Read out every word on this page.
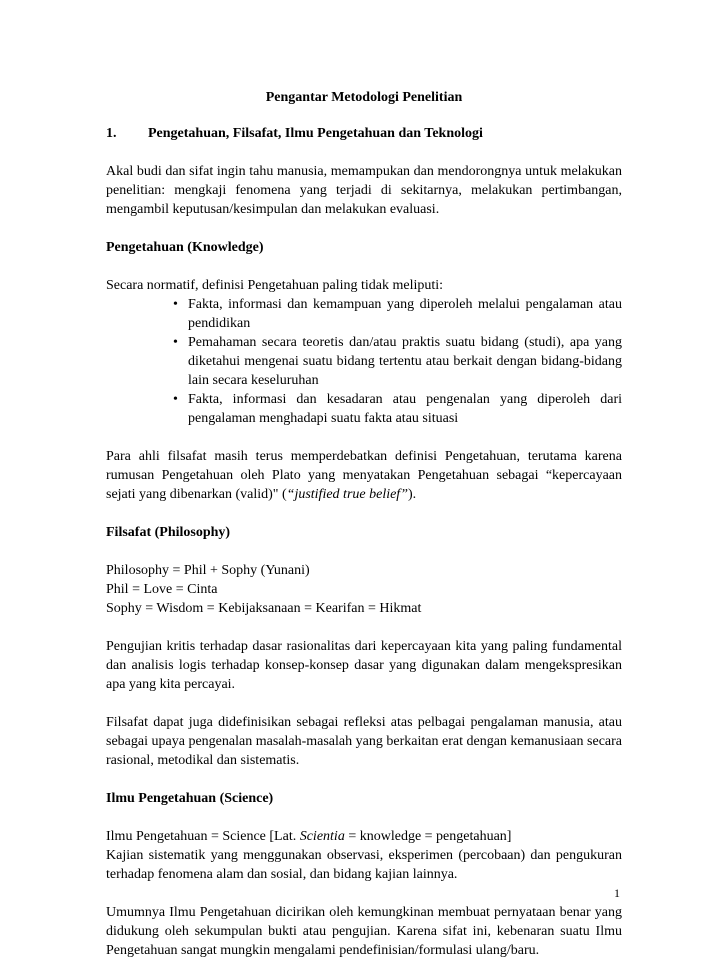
Pengantar Metodologi Penelitian
1.	Pengetahuan, Filsafat, Ilmu Pengetahuan dan Teknologi

Akal budi dan sifat ingin tahu manusia, memampukan dan mendorongnya untuk melakukan penelitian: mengkaji fenomena yang terjadi di sekitarnya, melakukan pertimbangan, mengambil keputusan/kesimpulan dan melakukan evaluasi.

Pengetahuan (Knowledge)

Secara normatif, definisi Pengetahuan paling tidak meliputi:

• Fakta, informasi dan kemampuan yang diperoleh melalui pengalaman atau pendidikan
• Pemahaman secara teoretis dan/atau praktis suatu bidang (studi), apa yang diketahui mengenai suatu bidang tertentu atau berkait dengan bidang-bidang lain secara keseluruhan
• Fakta, informasi dan kesadaran atau pengenalan yang diperoleh dari pengalaman menghadapi suatu fakta atau situasi

Para ahli filsafat masih terus memperdebatkan definisi Pengetahuan, terutama karena rumusan Pengetahuan oleh Plato yang menyatakan Pengetahuan sebagai “kepercayaan sejati yang dibenarkan (valid)" (“justified true belief”).

Filsafat (Philosophy)
Philosophy = Phil + Sophy (Yunani)
Phil = Love = Cinta
Sophy = Wisdom = Kebijaksanaan = Kearifan = Hikmat

Pengujian kritis terhadap dasar rasionalitas dari kepercayaan kita yang paling fundamental dan analisis logis terhadap konsep-konsep dasar yang digunakan dalam mengekspresikan apa yang kita percayai.

Filsafat dapat juga didefinisikan sebagai refleksi atas pelbagai pengalaman manusia, atau sebagai upaya pengenalan masalah-masalah yang berkaitan erat dengan kemanusiaan secara rasional, metodikal dan sistematis.

Ilmu Pengetahuan (Science)

Ilmu Pengetahuan = Science [Lat. Scientia = knowledge = pengetahuan]

Kajian sistematik yang menggunakan observasi, eksperimen (percobaan) dan pengukuran terhadap fenomena alam dan sosial, dan bidang kajian lainnya.

Umumnya Ilmu Pengetahuan dicirikan oleh kemungkinan membuat pernyataan benar yang didukung oleh sekumpulan bukti atau pengujian. Karena sifat ini, kebenaran suatu Ilmu Pengetahuan sangat mungkin mengalami pendefinisian/formulasi ulang/baru.

1
